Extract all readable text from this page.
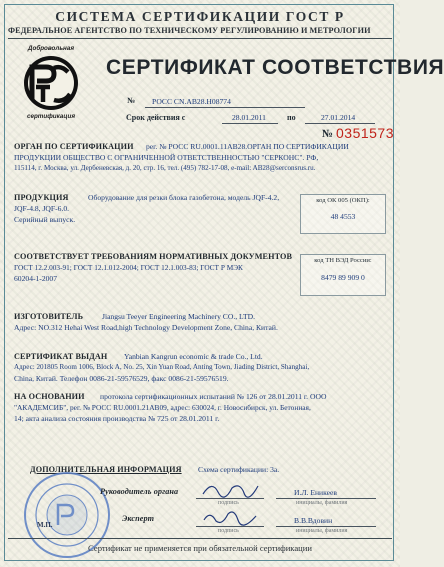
СИСТЕМА СЕРТИФИКАЦИИ ГОСТ Р
ФЕДЕРАЛЬНОЕ АГЕНТСТВО ПО ТЕХНИЧЕСКОМУ РЕГУЛИРОВАНИЮ И МЕТРОЛОГИИ
Добровольная
сертификация
СЕРТИФИКАТ СООТВЕТСТВИЯ
№ РОСС CN.AB28.H08774
Срок действия с	28.01.2011	по	27.01.2014
№ 0351573
ОРГАН ПО СЕРТИФИКАЦИИ рег. № РОСС RU.0001.11AB28.ОРГАН ПО СЕРТИФИКАЦИИ
ПРОДУКЦИИ ОБЩЕСТВО С ОГРАНИЧЕННОЙ ОТВЕТСТВЕННОСТЬЮ "СЕРКОНС". РФ,
115114, г. Москва, ул. Дербеневская, д. 20, стр. 16, тел. (495) 782-17-08, e-mail: AB28@serconsrus.ru.
ПРОДУКЦИЯ	Оборудование для резки блока газобетона, модель JQF-4.2,
JQF-4.8, JQF-6.0.
Серийный выпуск.
код ОК 005 (ОКП):
48 4553
СООТВЕТСТВУЕТ ТРЕБОВАНИЯМ НОРМАТИВНЫХ ДОКУМЕНТОВ
ГОСТ 12.2.003-91; ГОСТ 12.1.012-2004; ГОСТ 12.1.003-83; ГОСТ Р МЭК
60204-1-2007
код ТН ВЭД России:
8479 89 909 0
ИЗГОТОВИТЕЛЬ Jiangsu Teeyer Engineering Machinery CO., LTD.
Адрес: NO.312 Hehai West Road,high Technology Development Zone, China, Китай.
СЕРТИФИКАТ ВЫДАН Yanbian Kangrun economic & trade Co., Ltd.
Адрес: 201805 Room 1006, Block A, No. 25, Xin Yuan Road, Anting Town, Jiading District, Shanghai,
China, Китай. Телефон 0086-21-59576529, факс 0086-21-59576519.
НА ОСНОВАНИИ протокола сертификационных испытаний № 126 от 28.01.2011 г. ООО
"АКАДЕМСИБ", рег. № РОСС RU.0001.21АВ09, адрес: 630024, г. Новосибирск, ул. Бетонная,
14; акта анализа состояния производства № 725 от 28.01.2011 г.
ДОПОЛНИТЕЛЬНАЯ ИНФОРМАЦИЯ Схема сертификации: 3а.
М.П.
Руководитель органа
подпись
И.Л. Еникеев
инициалы, фамилия
Эксперт
подпись
В.В.Вдовин
инициалы, фамилия
Сертификат не применяется при обязательной сертификации
